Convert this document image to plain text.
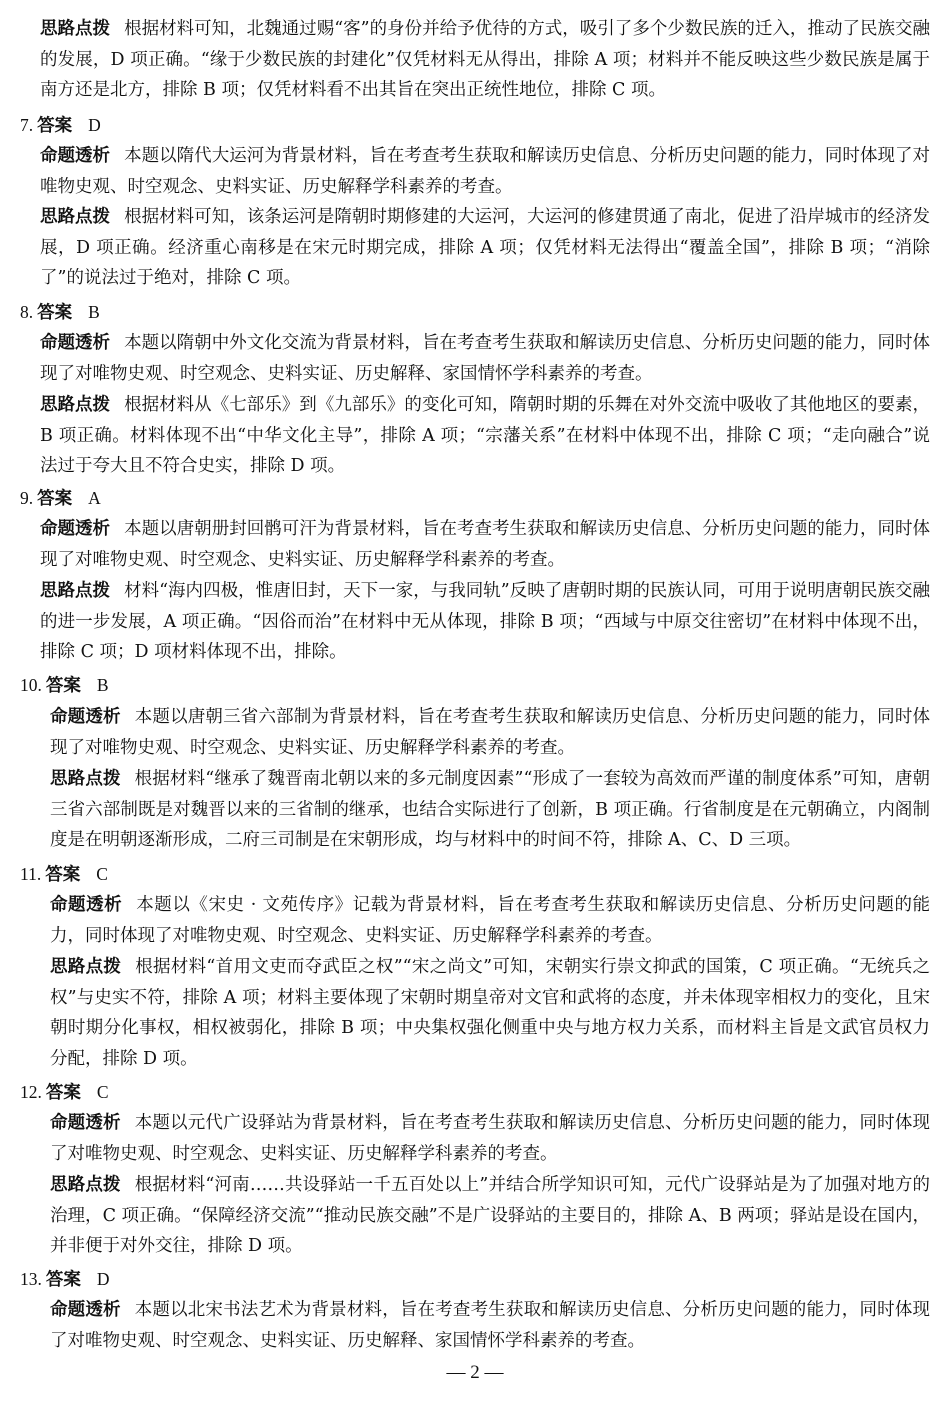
思路点拨 根据材料可知，北魏通过赐“客”的身份并给予优待的方式，吸引了多个少数民族的迁入，推动了民族交融的发展，D 项正确。“缘于少数民族的封建化”仅凭材料无从得出，排除 A 项；材料并不能反映这些少数民族是属于南方还是北方，排除 B 项；仅凭材料看不出其旨在突出正统性地位，排除 C 项。
7. 答案 D
命题透析 本题以隋代大运河为背景材料，旨在考查考生获取和解读历史信息、分析历史问题的能力，同时体现了对唯物史观、时空观念、史料实证、历史解释学科素养的考查。
思路点拨 根据材料可知，该条运河是隋朝时期修建的大运河，大运河的修建贯通了南北，促进了沿岸城市的经济发展，D 项正确。经济重心南移是在宋元时期完成，排除 A 项；仅凭材料无法得出“覆盖全国”，排除 B 项；“消除了”的说法过于绝对，排除 C 项。
8. 答案 B
命题透析 本题以隋朝中外文化交流为背景材料，旨在考查考生获取和解读历史信息、分析历史问题的能力，同时体现了对唯物史观、时空观念、史料实证、历史解释、家国情怀学科素养的考查。
思路点拨 根据材料从《七部乐》到《九部乐》的变化可知，隋朝时期的乐舞在对外交流中吸收了其他地区的要素，B 项正确。材料体现不出“中华文化主导”，排除 A 项；“宗藩关系”在材料中体现不出，排除 C 项；“走向融合”说法过于夸大且不符合史实，排除 D 项。
9. 答案 A
命题透析 本题以唐朝册封回鹘可汗为背景材料，旨在考查考生获取和解读历史信息、分析历史问题的能力，同时体现了对唯物史观、时空观念、史料实证、历史解释学科素养的考查。
思路点拨 材料“海内四极，惟唐旧封，天下一家，与我同轨”反映了唐朝时期的民族认同，可用于说明唐朝民族交融的进一步发展，A 项正确。“因俗而治”在材料中无从体现，排除 B 项；“西域与中原交往密切”在材料中体现不出，排除 C 项；D 项材料体现不出，排除。
10. 答案 B
命题透析 本题以唐朝三省六部制为背景材料，旨在考查考生获取和解读历史信息、分析历史问题的能力，同时体现了对唯物史观、时空观念、史料实证、历史解释学科素养的考查。
思路点拨 根据材料“继承了魏晋南北朝以来的多元制度因素”“形成了一套较为高效而严谨的制度体系”可知，唐朝三省六部制既是对魏晋以来的三省制的继承，也结合实际进行了创新，B 项正确。行省制度是在元朝确立，内阁制度是在明朝逐渐形成，二府三司制是在宋朝形成，均与材料中的时间不符，排除 A、C、D 三项。
11. 答案 C
命题透析 本题以《宋史 · 文苑传序》记载为背景材料，旨在考查考生获取和解读历史信息、分析历史问题的能力，同时体现了对唯物史观、时空观念、史料实证、历史解释学科素养的考查。
思路点拨 根据材料“首用文吏而夺武臣之权”“宋之尚文”可知，宋朝实行崇文抑武的国策，C 项正确。“无统兵之权”与史实不符，排除 A 项；材料主要体现了宋朝时期皇帝对文官和武将的态度，并未体现宰相权力的变化，且宋朝时期分化事权，相权被弱化，排除 B 项；中央集权强化侧重中央与地方权力关系，而材料主旨是文武官员权力分配，排除 D 项。
12. 答案 C
命题透析 本题以元代广设驿站为背景材料，旨在考查考生获取和解读历史信息、分析历史问题的能力，同时体现了对唯物史观、时空观念、史料实证、历史解释学科素养的考查。
思路点拨 根据材料“河南……共设驿站一千五百处以上”并结合所学知识可知，元代广设驿站是为了加强对地方的治理，C 项正确。“保障经济交流”“推动民族交融”不是广设驿站的主要目的，排除 A、B 两项；驿站是设在国内，并非便于对外交往，排除 D 项。
13. 答案 D
命题透析 本题以北宋书法艺术为背景材料，旨在考查考生获取和解读历史信息、分析历史问题的能力，同时体现了对唯物史观、时空观念、史料实证、历史解释、家国情怀学科素养的考查。
— 2 —
